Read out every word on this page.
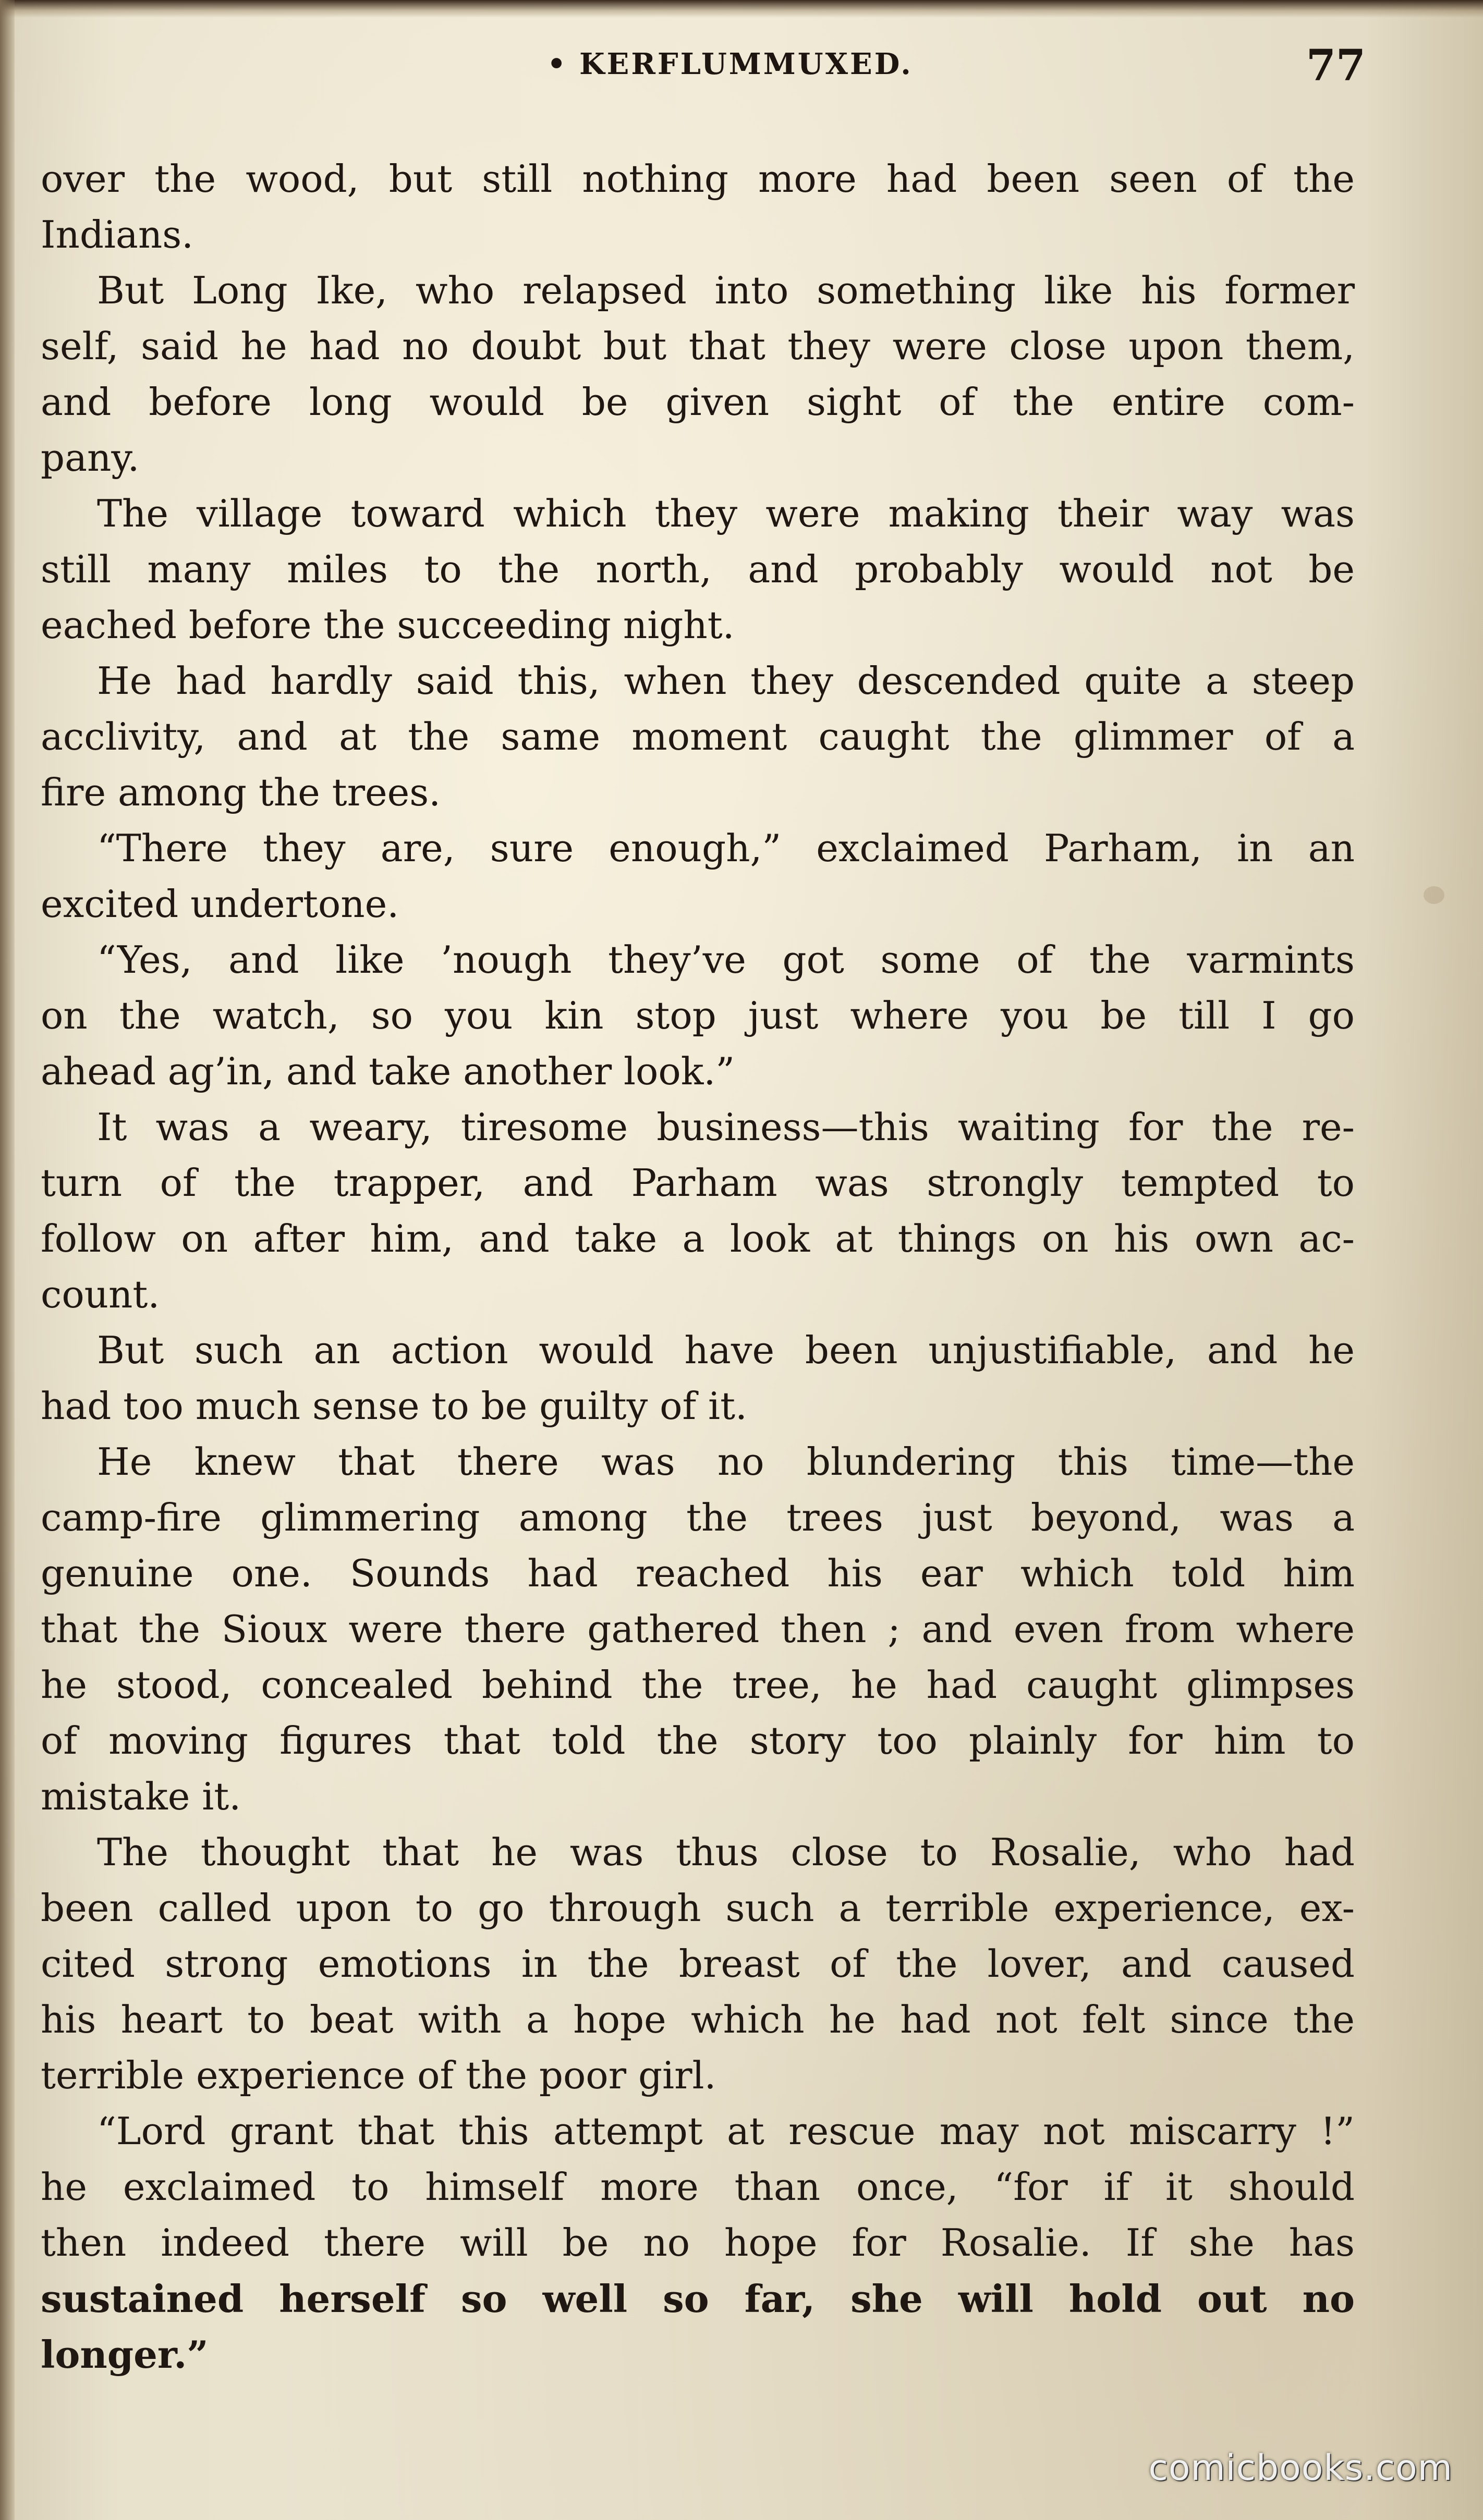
• KERFLUMMUXED.	77

over the wood, but still nothing more had been seen of the

Indians.

But Long Ike, who relapsed into something like his former

self, said he had no doubt but that they were close upon them,

and before long would be given sight of the entire com-

pany.

The village toward which they were making their way was

still many miles to the north, and probably would not be

eached before the succeeding night.

He had hardly said this, when they descended quite a steep

acclivity, and at the same moment caught the glimmer of a

fire among the trees.

“There they are, sure enough,” exclaimed Parham, in an

excited undertone.

“Yes, and like ’nough they’ve got some of the varmints

on the watch, so you kin stop just where you be till I go

ahead ag’in, and take another look.”

It was a weary, tiresome business—this waiting for the re-

turn of the trapper, and Parham was strongly tempted to

follow on after him, and take a look at things on his own ac-

count.

But such an action would have been unjustifiable, and he

had too much sense to be guilty of it.

He knew that there was no blundering this time—the

camp-fire glimmering among the trees just beyond, was a

genuine one. Sounds had reached his ear which told him

that the Sioux were there gathered then ; and even from where

he stood, concealed behind the tree, he had caught glimpses

of moving figures that told the story too plainly for him to

mistake it.

The thought that he was thus close to Rosalie, who had

been called upon to go through such a terrible experience, ex-

cited strong emotions in the breast of the lover, and caused

his heart to beat with a hope which he had not felt since the

terrible experience of the poor girl.

“Lord grant that this attempt at rescue may not miscarry !”

he exclaimed to himself more than once, “for if it should

then indeed there will be no hope for Rosalie. If she has

sustained herself so well so far, she will hold out no

longer.”

comicbooks.com
